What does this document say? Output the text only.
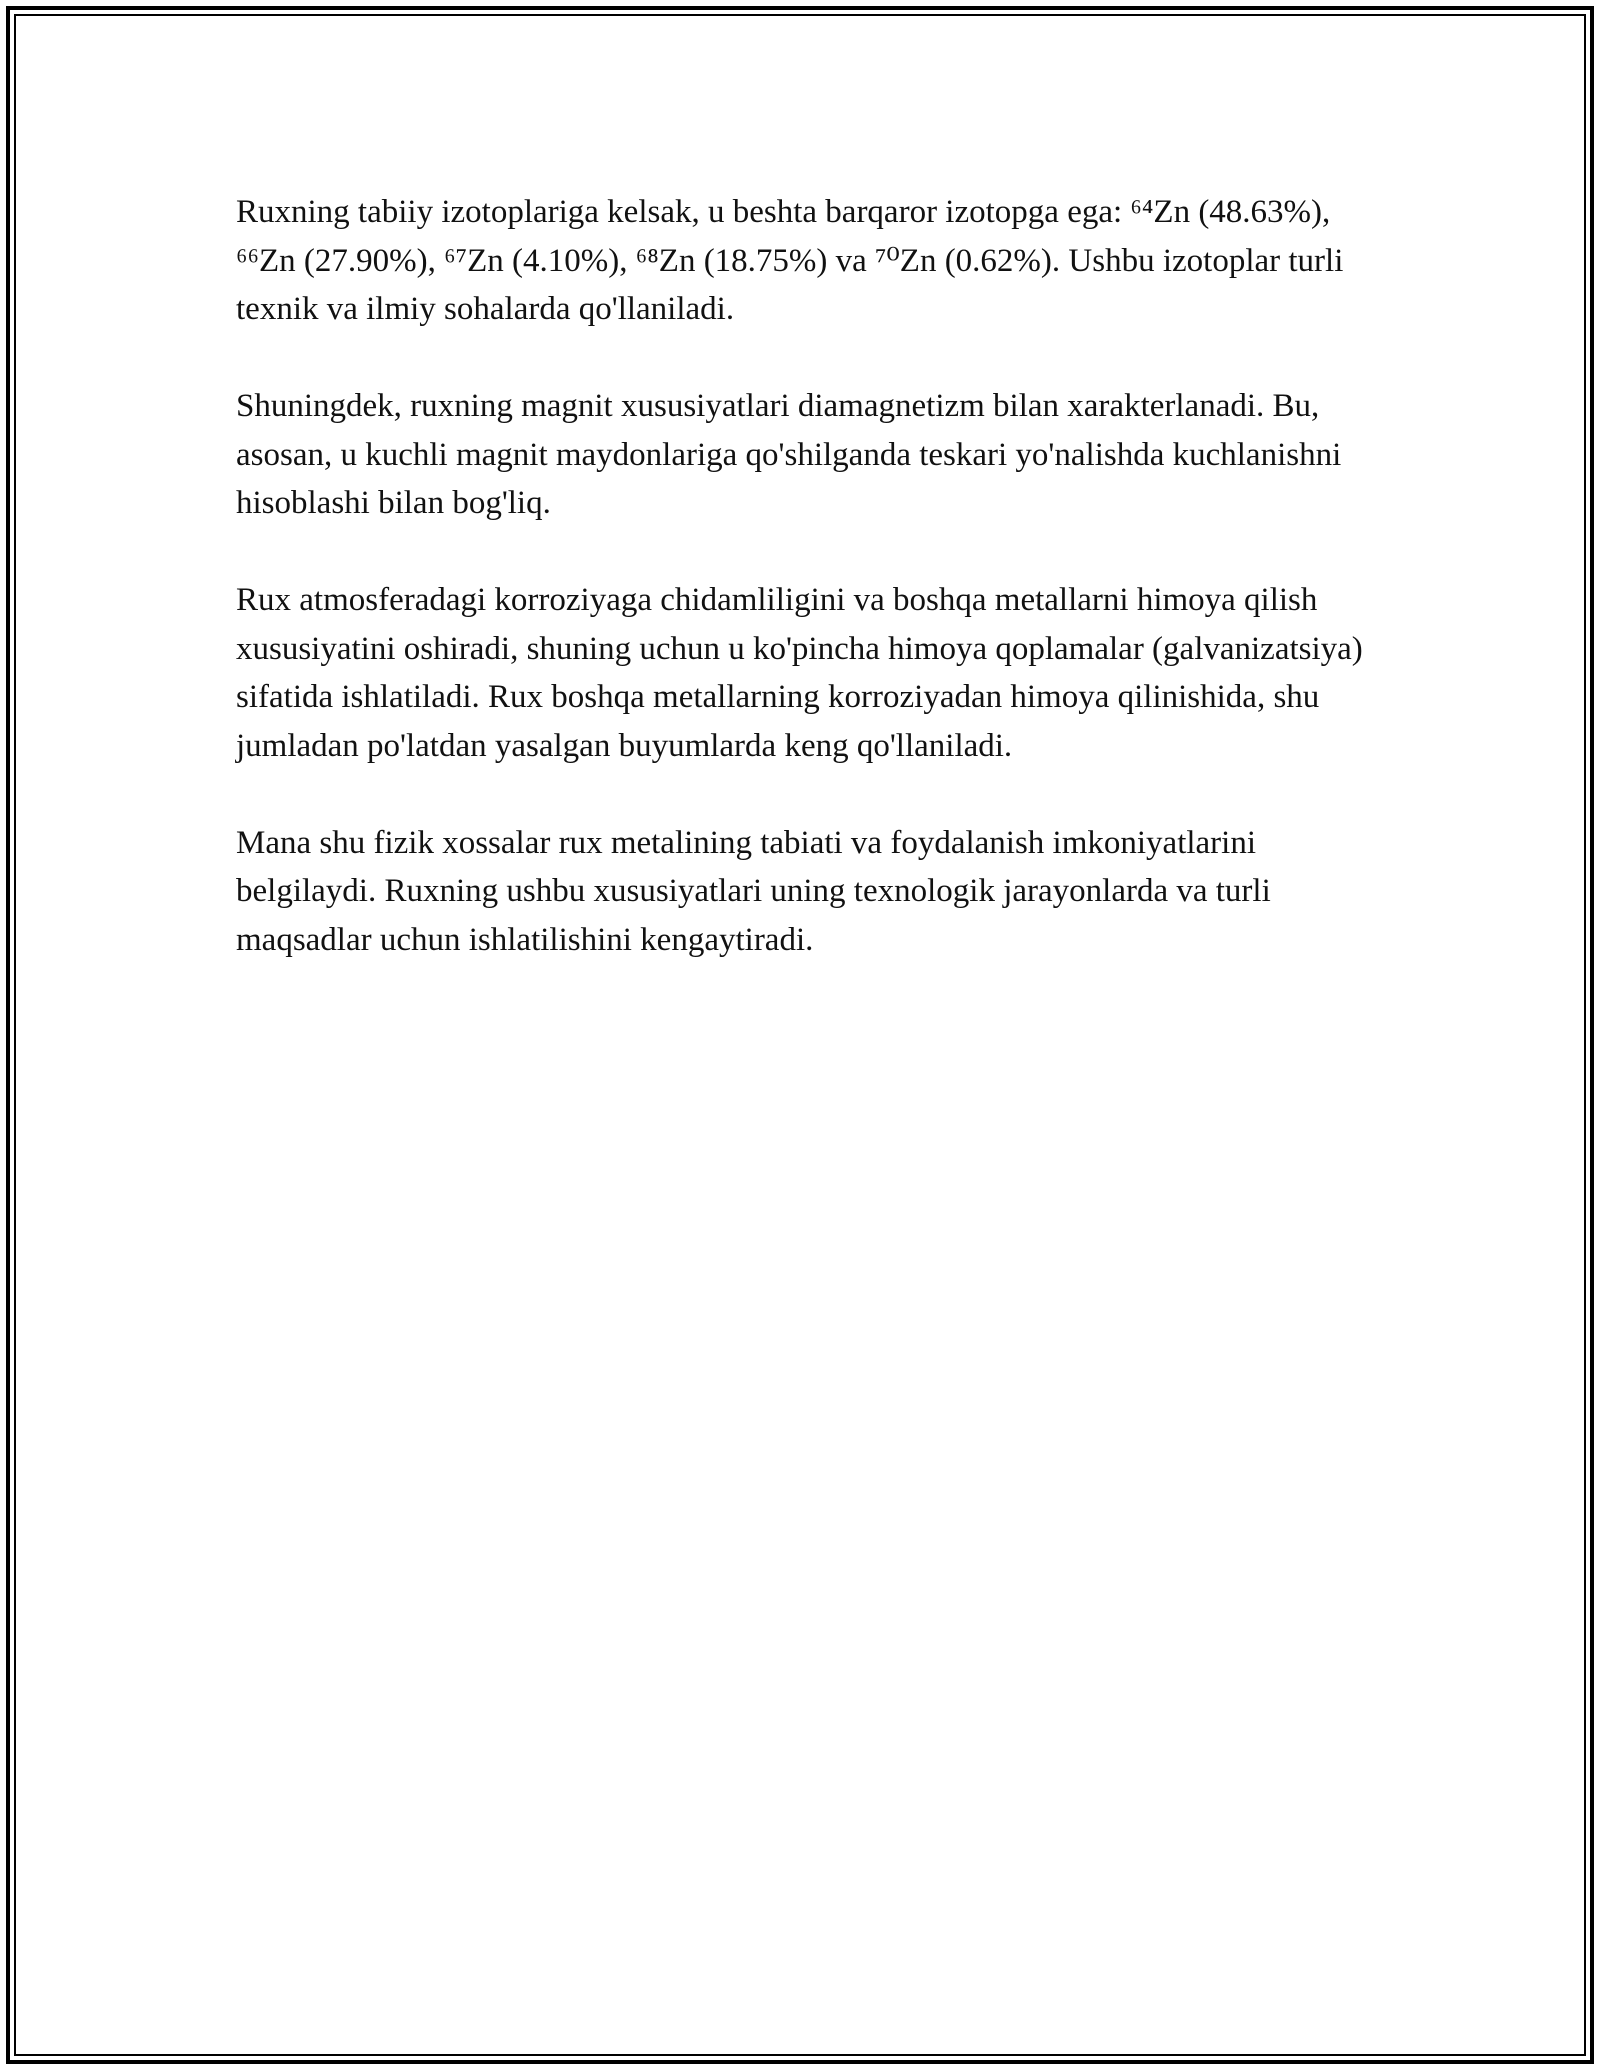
Ruxning tabiiy izotoplariga kelsak, u beshta barqaror izotopga ega: ⁶⁴Zn (48.63%), ⁶⁶Zn (27.90%), ⁶⁷Zn (4.10%), ⁶⁸Zn (18.75%) va ⁷⁰Zn (0.62%). Ushbu izotoplar turli texnik va ilmiy sohalarda qo'llaniladi.

Shuningdek, ruxning magnit xususiyatlari diamagnetizm bilan xarakterlanadi. Bu, asosan, u kuchli magnit maydonlariga qo'shilganda teskari yo'nalishda kuchlanishni hisoblashi bilan bog'liq.

Rux atmosferadagi korroziyaga chidamliligini va boshqa metallarni himoya qilish xususiyatini oshiradi, shuning uchun u ko'pincha himoya qoplamalar (galvanizatsiya) sifatida ishlatiladi. Rux boshqa metallarning korroziyadan himoya qilinishida, shu jumladan po'latdan yasalgan buyumlarda keng qo'llaniladi.

Mana shu fizik xossalar rux metalining tabiati va foydalanish imkoniyatlarini belgilaydi. Ruxning ushbu xususiyatlari uning texnologik jarayonlarda va turli maqsadlar uchun ishlatilishini kengaytiradi.
